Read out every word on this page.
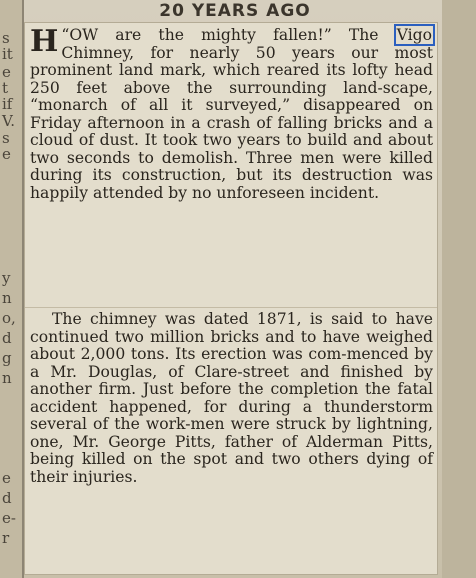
s
it
e
t
if
V.
s
e
y
n
o,
d
g
n
e
d
e-
r
20 YEARS AGO
“
H OW are the mighty fallen!” The Vigo Chimney, for nearly 50 years our most prominent land mark, which reared its lofty head 250 feet above the surrounding land-scape, “monarch of all it surveyed,” disappeared on Friday afternoon in a crash of falling bricks and a cloud of dust. It took two years to build and about two seconds to demolish. Three men were killed during its construction, but its destruction was happily attended by no unforeseen incident.
The chimney was dated 1871, is said to have continued two million bricks and to have weighed about 2,000 tons. Its erection was com-menced by a Mr. Douglas, of Clare-street and finished by another firm. Just before the completion the fatal accident happened, for during a thunderstorm several of the work-men were struck by lightning, one, Mr. George Pitts, father of Alderman Pitts, being killed on the spot and two others dying of their injuries.
